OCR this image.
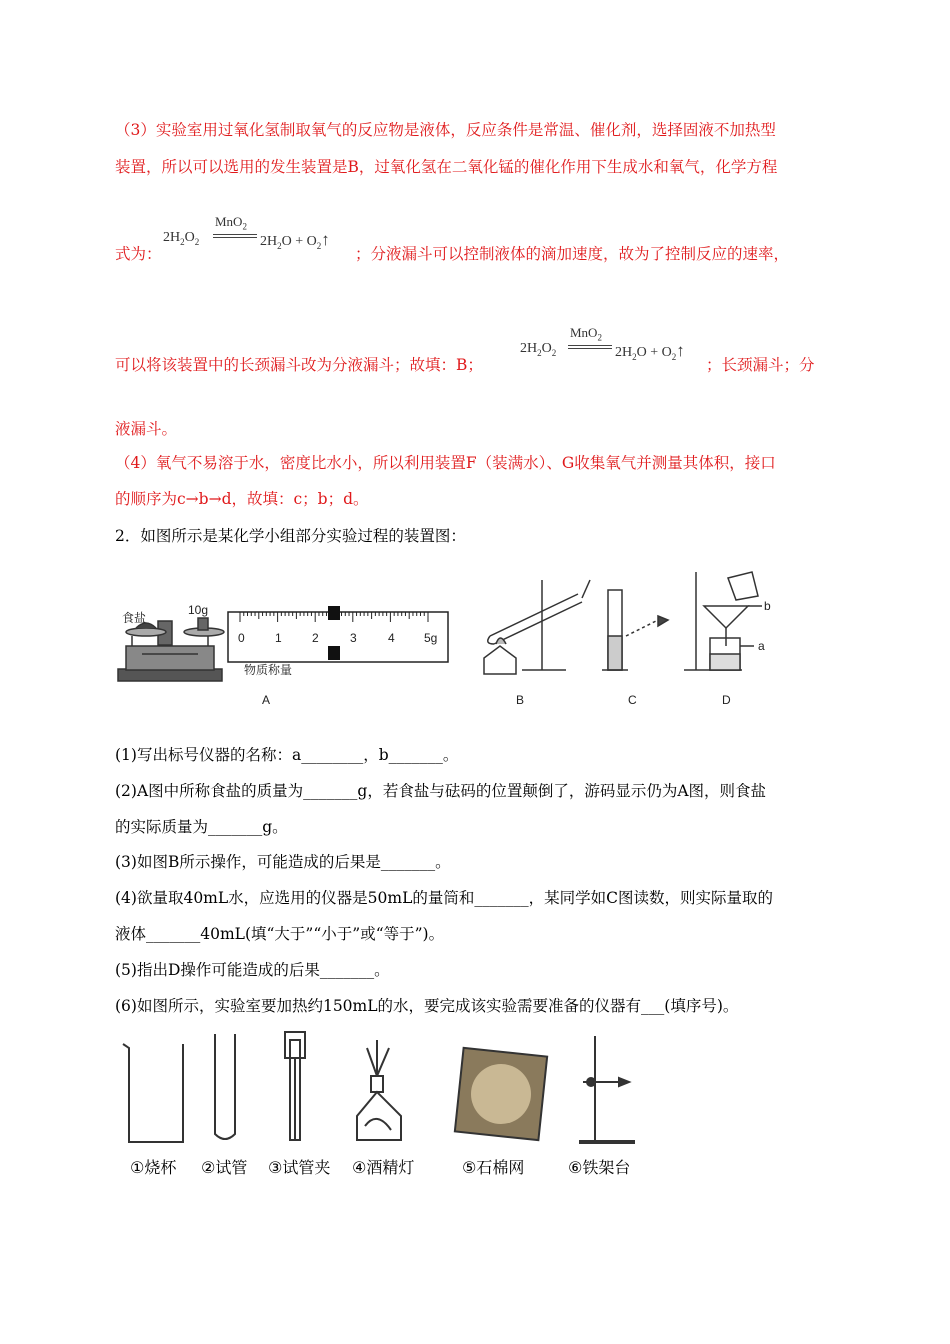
（3）实验室用过氧化氢制取氧气的反应物是液体，反应条件是常温、催化剂，选择固液不加热型
装置，所以可以选用的发生装置是B，过氧化氢在二氧化锰的催化作用下生成水和氧气，化学方程
式为：
MnO$_2$
$2H_2O_2$	$2H_2O$ + $O_2↑$
；分液漏斗可以控制液体的滴加速度，故为了控制反应的速率，
可以将该装置中的长颈漏斗改为分液漏斗；故填：B；
MnO$_2$
$2H_2O_2$	$2H_2O$ + $O_2↑$
；长颈漏斗；分
液漏斗。
（4）氧气不易溶于水，密度比水小，所以利用装置F（装满水）、G收集氧气并测量其体积，接口
的顺序为c→b→d，故填：c；b；d。
2．如图所示是某化学小组部分实验过程的装置图：
食盐
10g
0	1	2	3	4 5g
物质称量
A	B	C
b
a
D
(1)写出标号仪器的名称：a________，b_______。
(2)A图中所称食盐的质量为_______g，若食盐与砝码的位置颠倒了，游码显示仍为A图，则食盐
的实际质量为_______g。
(3)如图B所示操作，可能造成的后果是_______。
(4)欲量取40mL水，应选用的仪器是50mL的量筒和_______，某同学如C图读数，则实际量取的
液体_______40mL(填“大于”“小于”或“等于”)。
(5)指出D操作可能造成的后果_______。
(6)如图所示，实验室要加热约150mL的水，要完成该实验需要准备的仪器有___(填序号)。
①烧杯 ②试管 ③试管夹 ④酒精灯	⑤石棉网	⑥铁架台
